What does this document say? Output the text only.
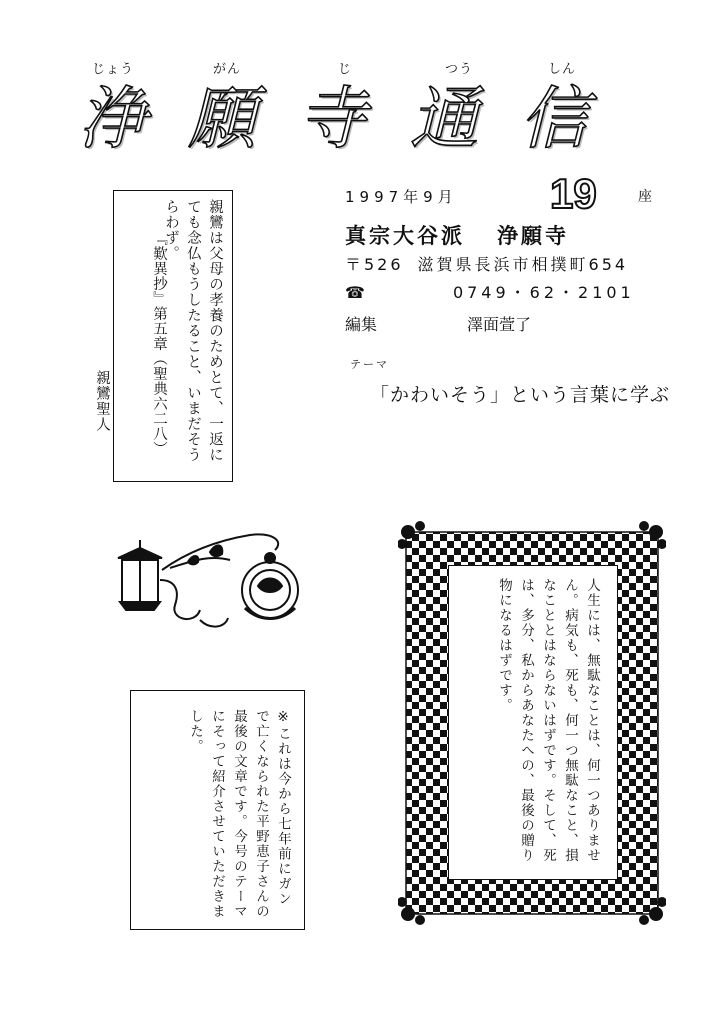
じょう	がん	じ	つう	しん
浄 願 寺 通 信
親鸞は父母の孝養のためとて、一返にても念仏もうしたること、いまだそうらわず。
『歎異抄』第五章（聖典六二八）
親鸞聖人
1997年9月 19	座
真宗大谷派 浄願寺
〒526 滋賀県長浜市相撲町654
☎	0749・62・2101
編集	澤面萱了
テーマ
「かわいそう」という言葉に学ぶ
※これは今から七年前にガンで亡くなられた平野恵子さんの最後の文章です。今号のテーマにそって紹介させていただきました。	人生には、無駄なことは、何一つありません。病気も、死も、何一つ無駄なこと、損なこととはならないはずです。そして、死は、多分、私からあなたへの、最後の贈り物になるはずです。
